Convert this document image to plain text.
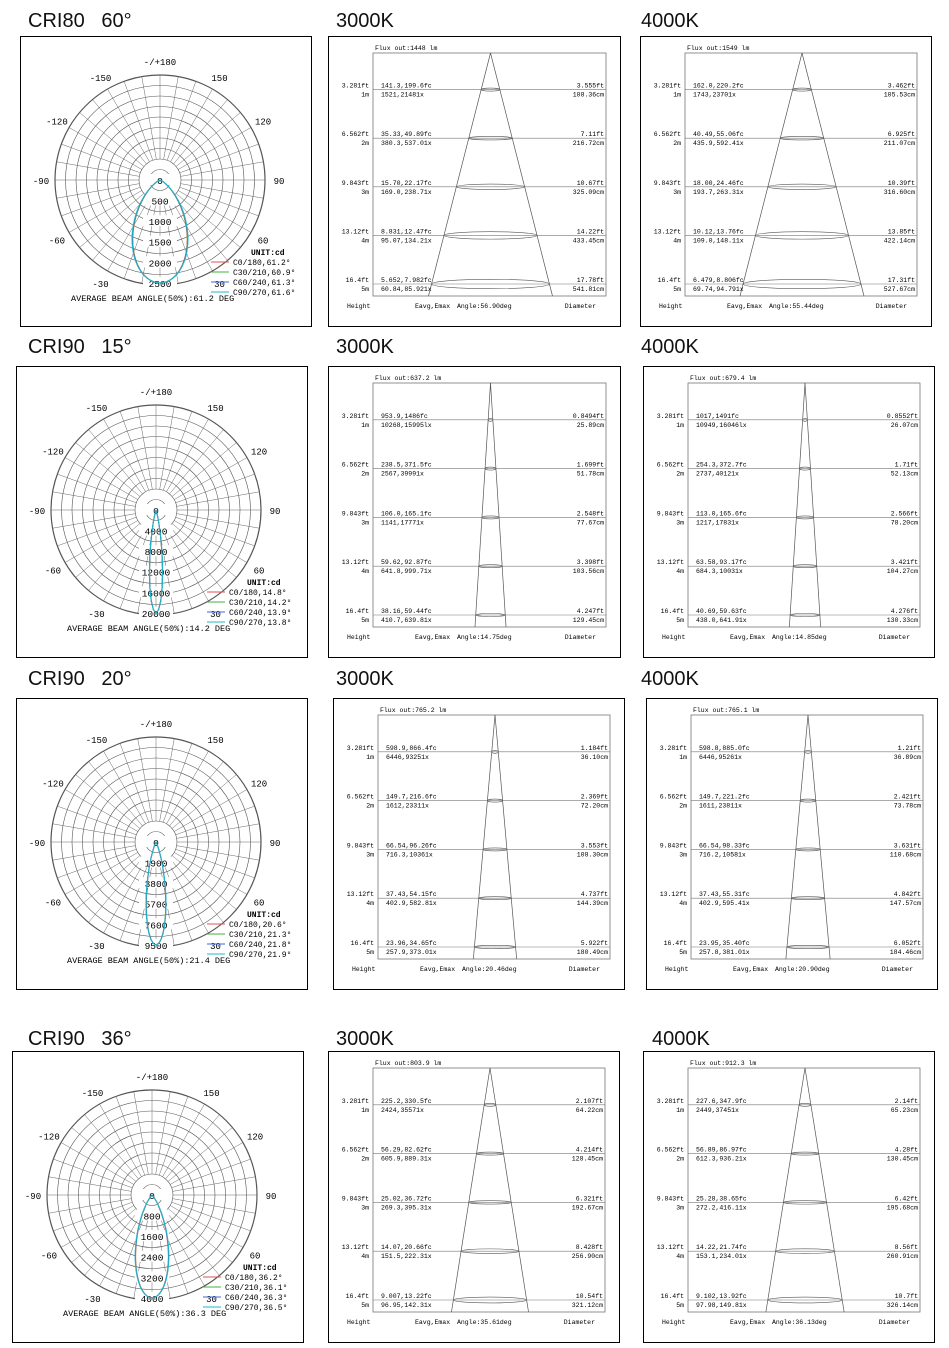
CRI80   60°	3000K	4000K
CRI90   15°	3000K	4000K
CRI90   20°	3000K	4000K
CRI90   36°	3000K	4000K
-/+180
-150	150
-120	120
-90	90
-60	60
-30	30
0
500
1000
1500
2000
2500
UNIT:cd
C0/180,61.2°
C30/210,60.9°
C60/240,61.3°
C90/270,61.6°
AVERAGE BEAM ANGLE(50%):61.2 DEG
Flux out:1448 lm
3.281ft
1m
141.3,199.6fc
1521,21481x
3.555ft
108.36cm
6.562ft
2m
35.33,49.89fc
380.3,537.01x
7.11ft
216.72cm
9.843ft
3m
15.70,22.17fc
169.0,238.71x
10.67ft
325.09cm
13.12ft
4m
8.831,12.47fc
95.07,134.21x
14.22ft
433.45cm
16.4ft
5m
5.652,7.982fc
60.84,85.921x
17.78ft
541.81cm
Height	Eavg,Emax Angle:56.90deg	Diameter
Flux out:1549 lm
3.281ft
1m
162.0,220.2fc
1743,23701x
3.462ft
105.53cm
6.562ft
2m
40.49,55.06fc
435.9,592.41x
6.925ft
211.07cm
9.843ft
3m
18.00,24.46fc
193.7,263.31x
10.39ft
316.60cm
13.12ft
4m
10.12,13.76fc
109.0,148.11x
13.85ft
422.14cm
16.4ft
5m
6.479,8.806fc
69.74,94.791x
17.31ft
527.67cm
Height	Eavg,Emax Angle:55.44deg	Diameter
-/+180
-150	150
-120	120
-90	90
-60	60
-30	30
0
4000
8000
12000
16000
20000
UNIT:cd
C0/180,14.8°
C30/210,14.2°
C60/240,13.9°
C90/270,13.8°
AVERAGE BEAM ANGLE(50%):14.2 DEG
Flux out:637.2 lm
3.281ft
1m
953.9,1486fc
10268,15995lx
0.8494ft
25.89cm
6.562ft
2m
238.5,371.5fc
2567,39991x
1.699ft
51.78cm
9.843ft
3m
106.0,165.1fc
1141,17771x
2.548ft
77.67cm
13.12ft
4m
59.62,92.87fc
641.8,999.71x
3.398ft
103.56cm
16.4ft
5m
38.16,59.44fc
410.7,639.81x
4.247ft
129.45cm
Height	Eavg,Emax Angle:14.75deg	Diameter
Flux out:679.4 lm
3.281ft
1m
1017,1491fc
10949,16046lx
0.8552ft
26.07cm
6.562ft
2m
254.3,372.7fc
2737,40121x
1.71ft
52.13cm
9.843ft
3m
113.0,165.6fc
1217,17831x
2.566ft
78.20cm
13.12ft
4m
63.58,93.17fc
684.3,10031x
3.421ft
104.27cm
16.4ft
5m
40.69,59.63fc
438.0,641.91x
4.276ft
130.33cm
Height	Eavg,Emax Angle:14.85deg	Diameter
-/+180
-150	150
-120	120
-90	90
-60	60
-30	30
0
1900
3800
5700
7600
9500
UNIT:cd
C0/180,20.6°
C30/210,21.3°
C60/240,21.8°
C90/270,21.9°
AVERAGE BEAM ANGLE(50%):21.4 DEG
Flux out:765.2 lm
3.281ft
1m
598.9,866.4fc
6446,93251x
1.184ft
36.10cm
6.562ft
2m
149.7,216.6fc
1612,23311x
2.369ft
72.20cm
9.843ft
3m
66.54,96.26fc
716.3,10361x
3.553ft
108.30cm
13.12ft
4m
37.43,54.15fc
402.9,582.81x
4.737ft
144.39cm
16.4ft
5m
23.96,34.65fc
257.9,373.01x
5.922ft
180.49cm
Height	Eavg,Emax Angle:20.46deg	Diameter
Flux out:765.1 lm
3.281ft
1m
598.8,885.0fc
6446,95261x
1.21ft
36.89cm
6.562ft
2m
149.7,221.2fc
1611,23811x
2.421ft
73.78cm
9.843ft
3m
66.54,98.33fc
716.2,10581x
3.631ft
110.68cm
13.12ft
4m
37.43,55.31fc
402.9,595.41x
4.842ft
147.57cm
16.4ft
5m
23.95,35.40fc
257.8,381.01x
6.052ft
184.46cm
Height	Eavg,Emax Angle:20.90deg	Diameter
-/+180
-150	150
-120	120
-90	90
-60	60
-30	30
0
800
1600
2400
3200
4000
UNIT:cd
C0/180,36.2°
C30/210,36.1°
C60/240,36.3°
C90/270,36.5°
AVERAGE BEAM ANGLE(50%):36.3 DEG
Flux out:803.9 lm
3.281ft
1m
225.2,330.5fc
2424,35571x
2.107ft
64.22cm
6.562ft
2m
56.29,82.62fc
605.9,889.31x
4.214ft
128.45cm
9.843ft
3m
25.02,36.72fc
269.3,395.31x
6.321ft
192.67cm
13.12ft
4m
14.07,20.66fc
151.5,222.31x
8.428ft
256.90cm
16.4ft
5m
9.007,13.22fc
96.95,142.31x
10.54ft
321.12cm
Height	Eavg,Emax Angle:35.61deg	Diameter
Flux out:912.3 lm
3.281ft
1m
227.6,347.9fc
2449,37451x
2.14ft
65.23cm
6.562ft
2m
56.89,86.97fc
612.3,936.21x
4.28ft
130.45cm
9.843ft
3m
25.28,38.65fc
272.2,416.11x
6.42ft
195.68cm
13.12ft
4m
14.22,21.74fc
153.1,234.01x
8.56ft
260.91cm
16.4ft
5m
9.102,13.92fc
97.98,149.81x
10.7ft
326.14cm
Height	Eavg,Emax Angle:36.13deg	Diameter
